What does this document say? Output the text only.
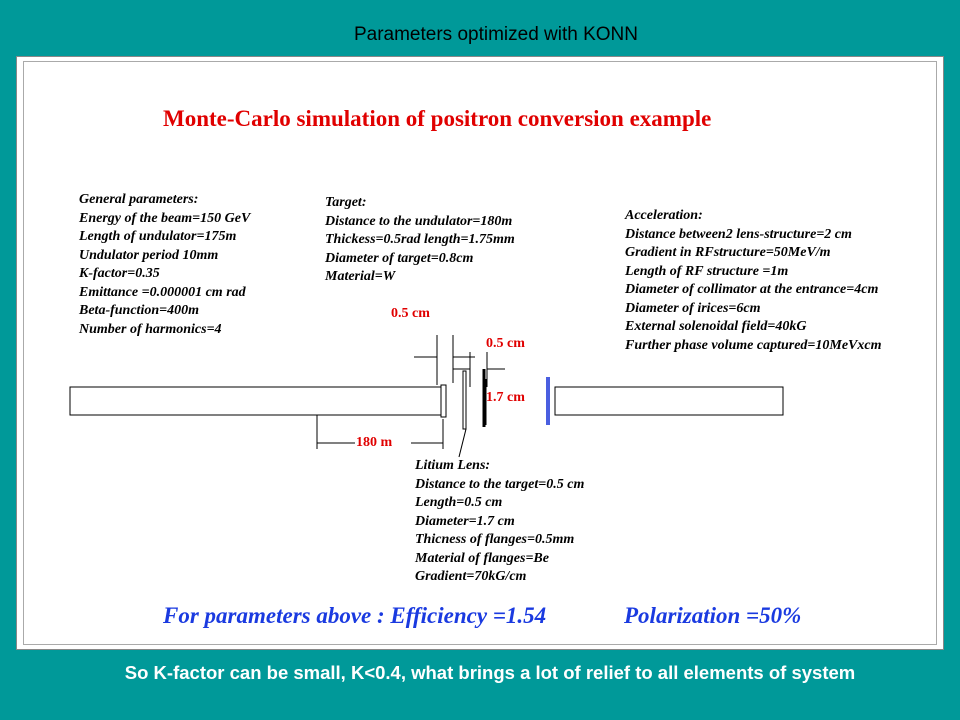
Parameters optimized with KONN
Monte-Carlo simulation of positron conversion example
General parameters:
Energy of the beam=150 GeV
Length of undulator=175m
Undulator period 10mm
K-factor=0.35
Emittance =0.000001 cm rad
Beta-function=400m
Number of harmonics=4
Target:
Distance to the undulator=180m
Thickess=0.5rad length=1.75mm
Diameter of target=0.8cm
Material=W
Acceleration:
Distance between2 lens-structure=2 cm
Gradient in RFstructure=50MeV/m
Length of RF structure =1m
Diameter of collimator at the entrance=4cm
Diameter of irices=6cm
External solenoidal field=40kG
Further phase volume captured=10MeVxcm
Litium Lens:
Distance to the target=0.5 cm
Length=0.5 cm
Diameter=1.7 cm
Thicness of flanges=0.5mm
Material of flanges=Be
Gradient=70kG/cm
0.5 cm
0.5 cm
1.7 cm
180 m
For parameters above : Efficiency =1.54	Polarization =50%
So K-factor can be small, K<0.4, what brings a lot of relief to all elements of system
